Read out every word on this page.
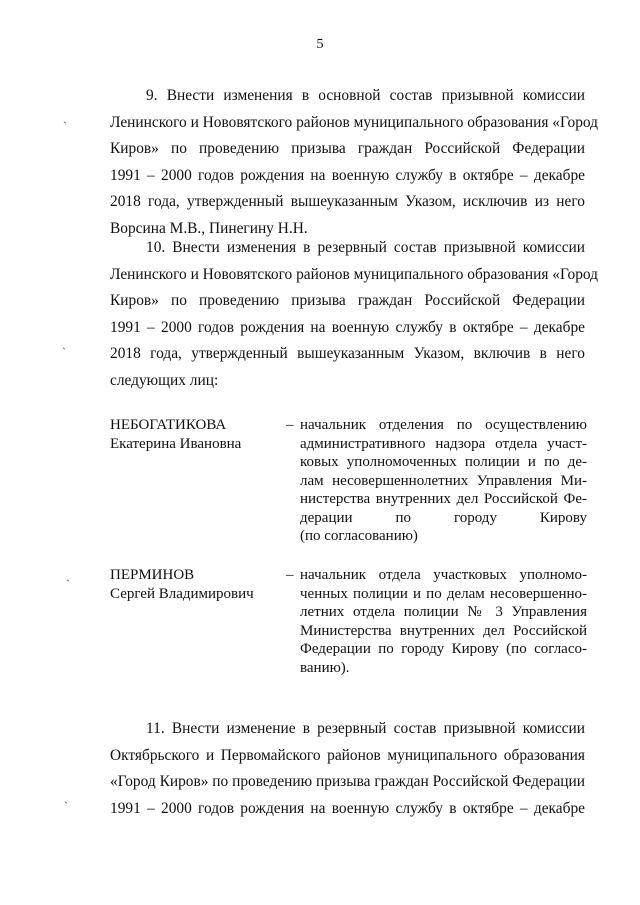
5
9. Внести изменения в основной состав призывной комиссии
Ленинского и Нововятского районов муниципального образования «Город
Киров» по проведению призыва граждан Российской Федерации
1991 – 2000 годов рождения на военную службу в октябре – декабре
2018 года, утвержденный вышеуказанным Указом, исключив из него
Ворсина М.В., Пинегину Н.Н.
10. Внести изменения в резервный состав призывной комиссии
Ленинского и Нововятского районов муниципального образования «Город
Киров» по проведению призыва граждан Российской Федерации
1991 – 2000 годов рождения на военную службу в октябре – декабре
2018 года, утвержденный вышеуказанным Указом, включив в него
следующих лиц:
НЕБОГАТИКОВА
Екатерина Ивановна
– начальник отделения по осуществлению
административного надзора отдела участ-
ковых уполномоченных полиции и по де-
лам несовершеннолетних Управления Ми-
нистерства внутренних дел Российской Фе-
дерации по городу Кирову
(по согласованию)
ПЕРМИНОВ
Сергей Владимирович
– начальник отдела участковых уполномо-
ченных полиции и по делам несовершенно-
летних отдела полиции № 3 Управления
Министерства внутренних дел Российской
Федерации по городу Кирову (по согласо-
ванию).
11. Внести изменение в резервный состав призывной комиссии
Октябрьского и Первомайского районов муниципального образования
«Город Киров» по проведению призыва граждан Российской Федерации
1991 – 2000 годов рождения на военную службу в октябре – декабре
ˏ
ˏ
ˏ
ˏ
